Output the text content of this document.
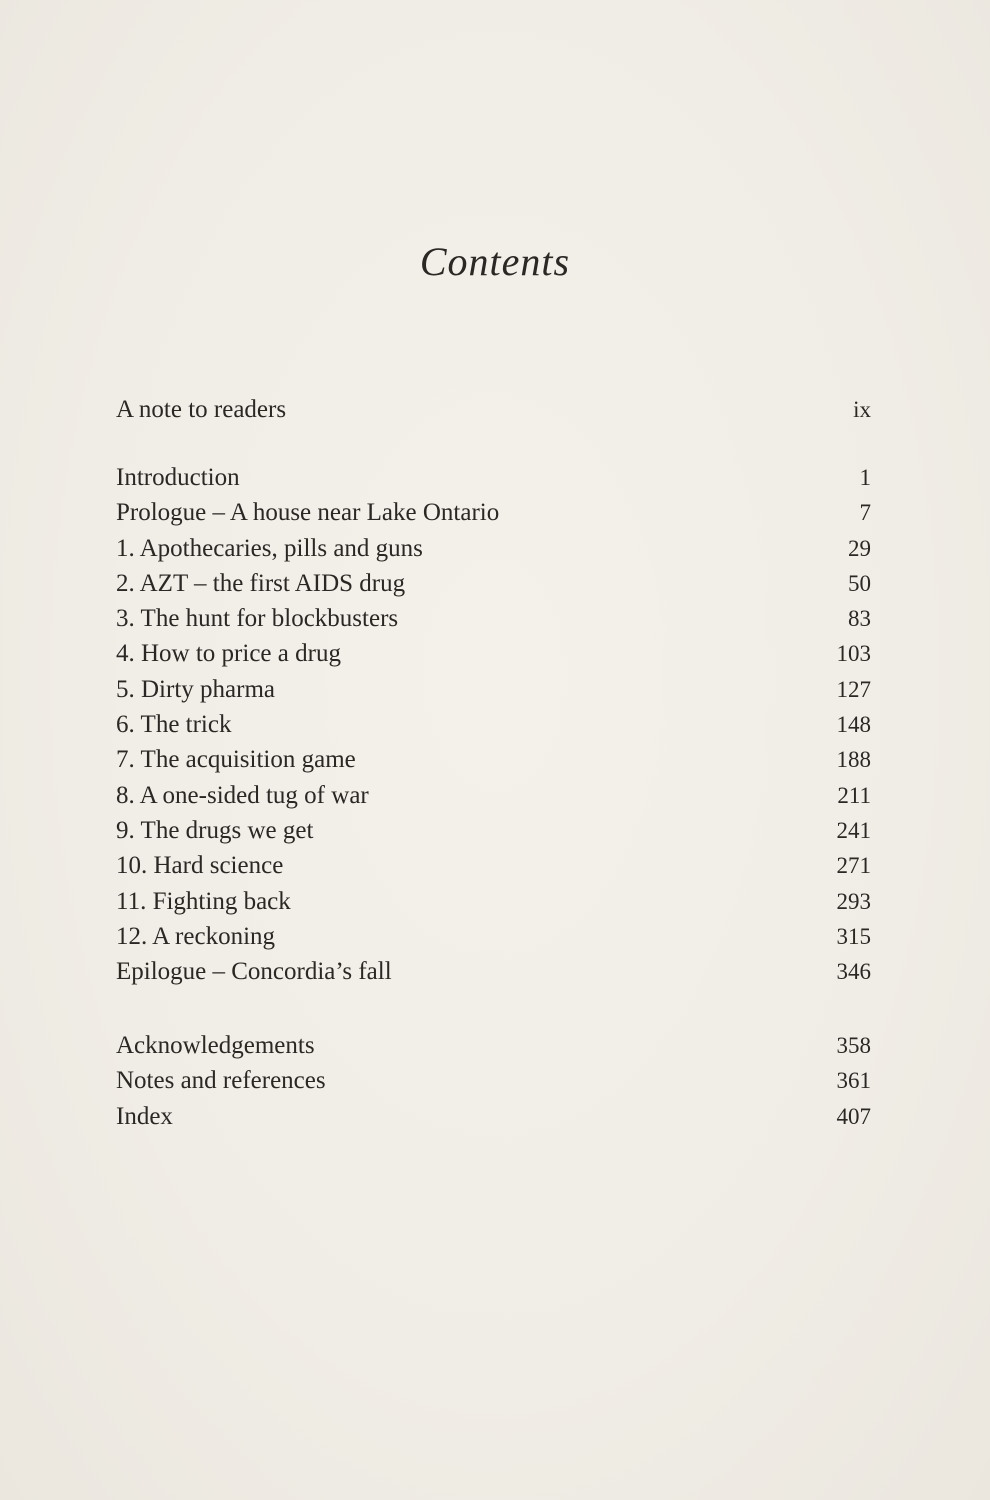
Contents
A note to readers	ix
Introduction	1
Prologue – A house near Lake Ontario	7
1. Apothecaries, pills and guns	29
2. AZT – the first AIDS drug	50
3. The hunt for blockbusters	83
4. How to price a drug	103
5. Dirty pharma	127
6. The trick	148
7. The acquisition game	188
8. A one-sided tug of war	211
9. The drugs we get	241
10. Hard science	271
11. Fighting back	293
12. A reckoning	315
Epilogue – Concordia’s fall	346
Acknowledgements	358
Notes and references	361
Index	407
